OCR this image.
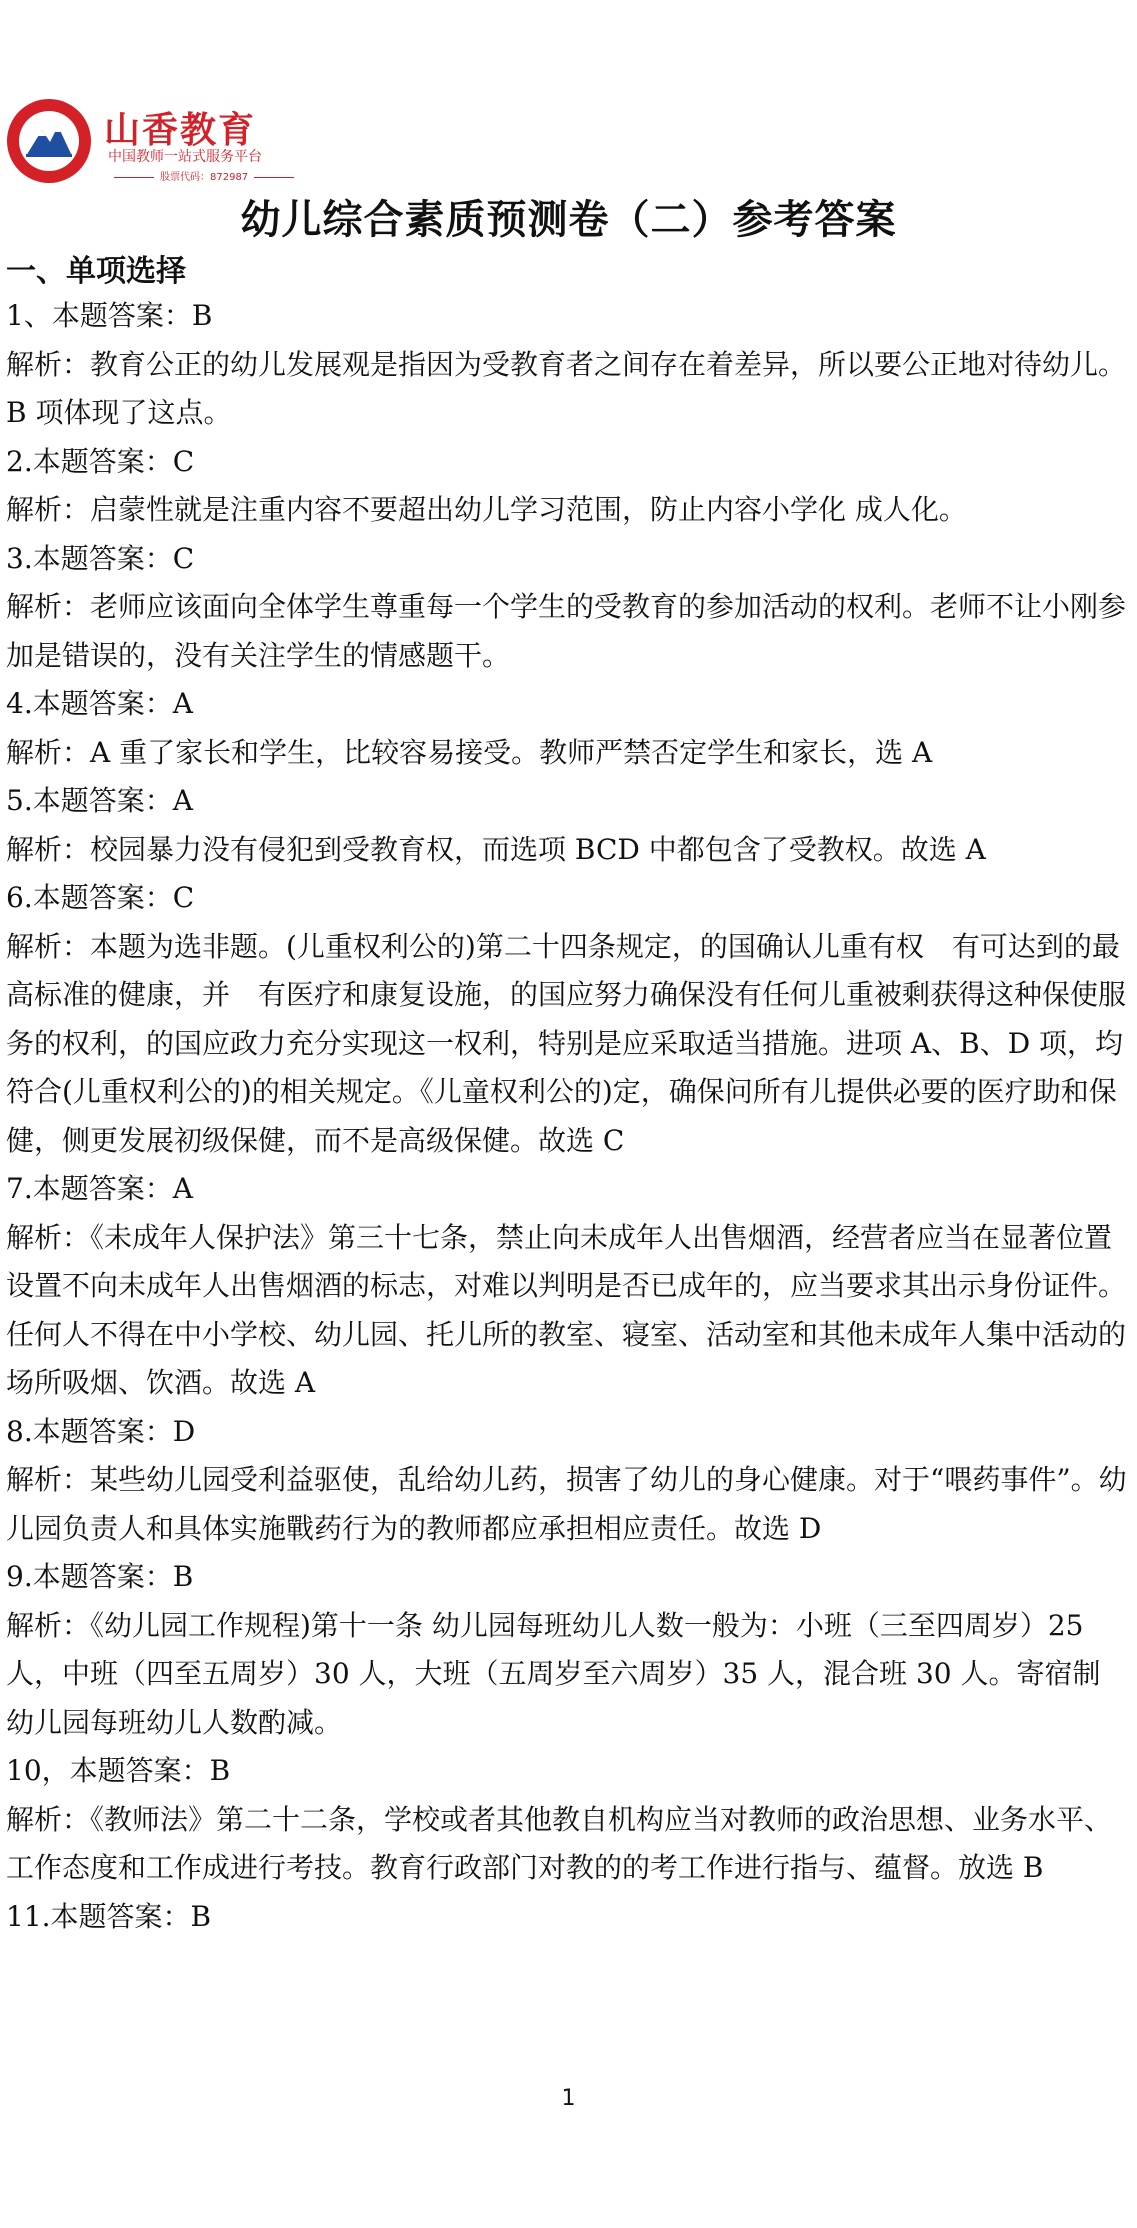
山香教育
中国教师一站式服务平台
股票代码：872987
幼儿综合素质预测卷（二）参考答案
一、单项选择

1、本题答案：B

解析：教育公正的幼儿发展观是指因为受教育者之间存在着差异，所以要公正地对待幼儿。B 项体现了这点。

2.本题答案：C

解析：启蒙性就是注重内容不要超出幼儿学习范围，防止内容小学化 成人化。

3.本题答案：C

解析：老师应该面向全体学生尊重每一个学生的受教育的参加活动的权利。老师不让小刚参加是错误的，没有关注学生的情感题干。

4.本题答案：A

解析：A 重了家长和学生，比较容易接受。教师严禁否定学生和家长，选 A

5.本题答案：A

解析：校园暴力没有侵犯到受教育权，而选项 BCD 中都包含了受教权。故选 A

6.本题答案：C

解析：本题为选非题。(儿重权利公的)第二十四条规定，的国确认儿重有权　有可达到的最高标准的健康，并　有医疗和康复设施，的国应努力确保没有任何儿重被剩获得这种保使服务的权利，的国应政力充分实现这一权利，特别是应采取适当措施。进项 A、B、D 项，均符合(儿重权利公的)的相关规定。《儿童权利公的)定，确保问所有儿提供必要的医疗助和保健，侧更发展初级保健，而不是高级保健。故选 C

7.本题答案：A

解析：《未成年人保护法》第三十七条，禁止向未成年人出售烟酒，经营者应当在显著位置设置不向未成年人出售烟酒的标志，对难以判明是否已成年的，应当要求其出示身份证件。任何人不得在中小学校、幼儿园、托儿所的教室、寝室、活动室和其他未成年人集中活动的场所吸烟、饮酒。故选 A

8.本题答案：D

解析：某些幼儿园受利益驱使，乱给幼儿药，损害了幼儿的身心健康。对于“喂药事件”。幼儿园负责人和具体实施戰药行为的教师都应承担相应责任。故选 D

9.本题答案：B

解析：《幼儿园工作规程)第十一条 幼儿园每班幼儿人数一般为：小班（三至四周岁）25 人，中班（四至五周岁）30 人，大班（五周岁至六周岁）35 人，混合班 30 人。寄宿制幼儿园每班幼儿人数酌减。

10，本题答案：B

解析：《教师法》第二十二条，学校或者其他教自机构应当对教师的政治思想、业务水平、工作态度和工作成进行考技。教育行政部门对教的的考工作进行指与、蕴督。放选 B

11.本题答案：B

1
